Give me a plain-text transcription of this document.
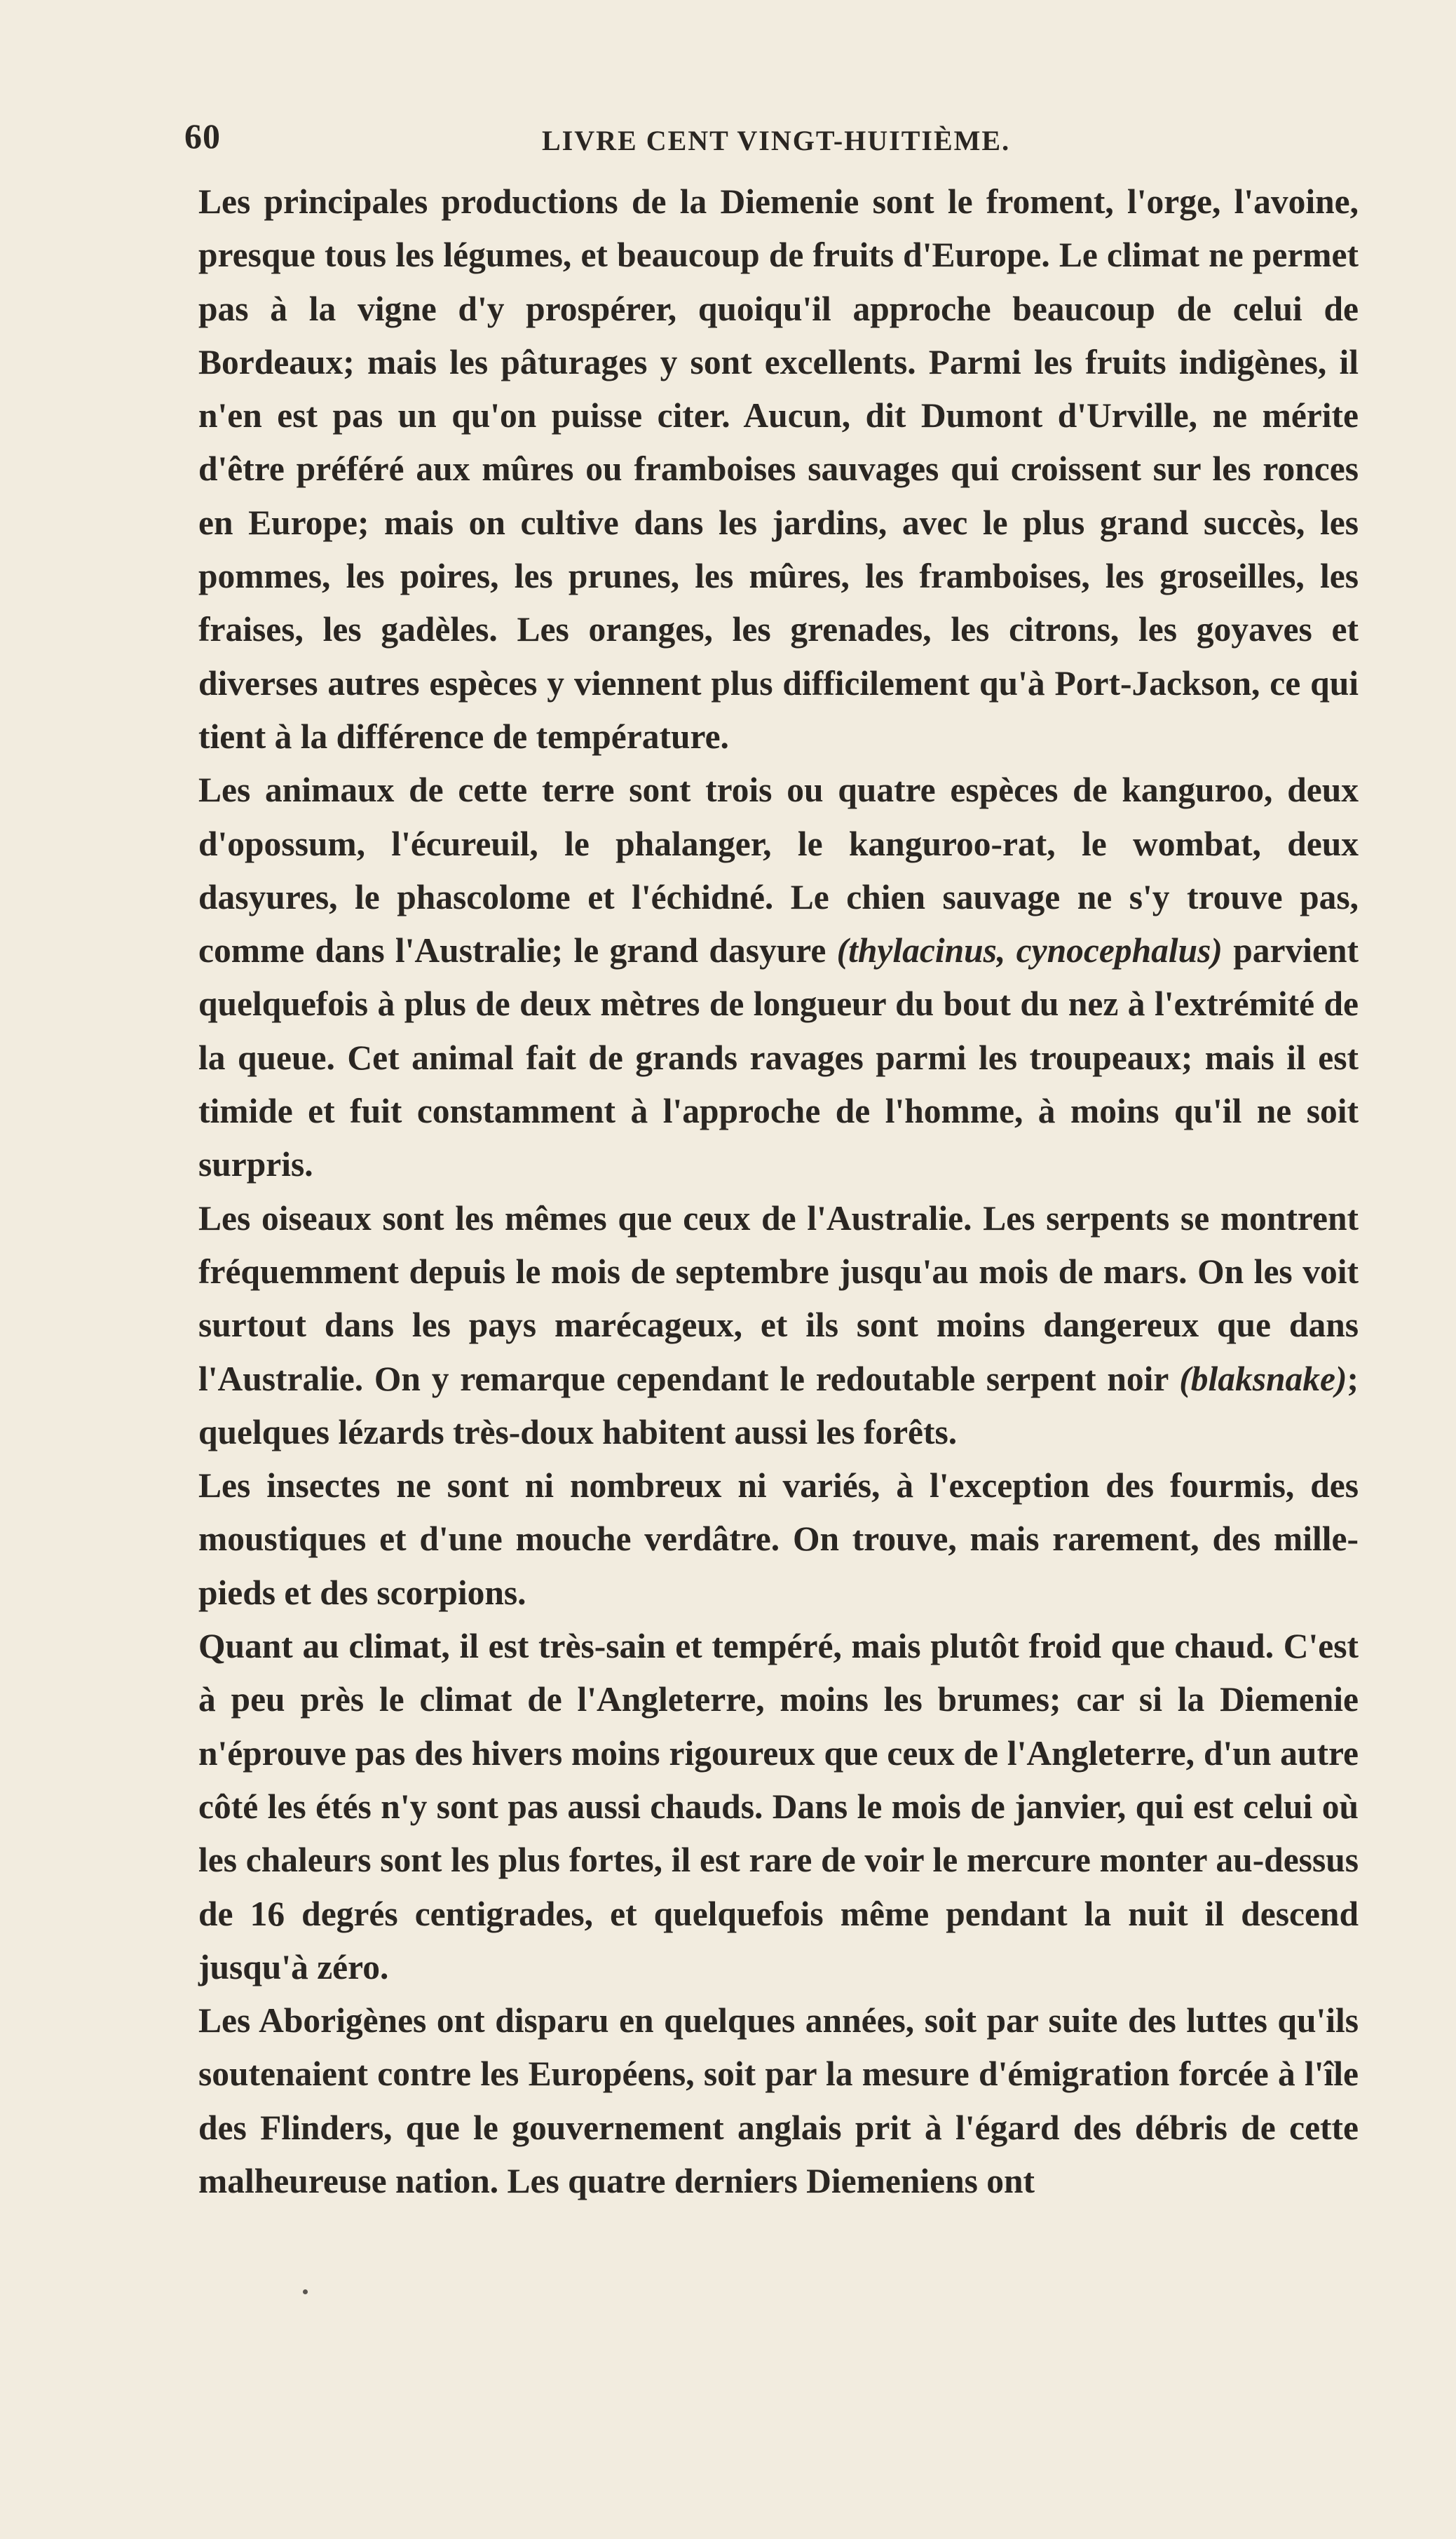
60	LIVRE CENT VINGT-HUITIÈME.

Les principales productions de la Diemenie sont le froment, l'orge, l'avoine, presque tous les légumes, et beaucoup de fruits d'Europe. Le climat ne permet pas à la vigne d'y prospérer, quoiqu'il approche beaucoup de celui de Bordeaux; mais les pâturages y sont excellents. Parmi les fruits indigènes, il n'en est pas un qu'on puisse citer. Aucun, dit Dumont d'Urville, ne mérite d'être préféré aux mûres ou framboises sauvages qui croissent sur les ronces en Europe; mais on cultive dans les jardins, avec le plus grand succès, les pommes, les poires, les prunes, les mûres, les framboises, les groseilles, les fraises, les gadèles. Les oranges, les grenades, les citrons, les goyaves et diverses autres espèces y viennent plus difficilement qu'à Port-Jackson, ce qui tient à la différence de température.

Les animaux de cette terre sont trois ou quatre espèces de kanguroo, deux d'opossum, l'écureuil, le phalanger, le kanguroo-rat, le wombat, deux dasyures, le phascolome et l'échidné. Le chien sauvage ne s'y trouve pas, comme dans l'Australie; le grand dasyure (thylacinus, cynocephalus) parvient quelquefois à plus de deux mètres de longueur du bout du nez à l'extrémité de la queue. Cet animal fait de grands ravages parmi les troupeaux; mais il est timide et fuit constamment à l'approche de l'homme, à moins qu'il ne soit surpris.

Les oiseaux sont les mêmes que ceux de l'Australie. Les serpents se montrent fréquemment depuis le mois de septembre jusqu'au mois de mars. On les voit surtout dans les pays marécageux, et ils sont moins dangereux que dans l'Australie. On y remarque cependant le redoutable serpent noir (blaksnake); quelques lézards très-doux habitent aussi les forêts.

Les insectes ne sont ni nombreux ni variés, à l'exception des fourmis, des moustiques et d'une mouche verdâtre. On trouve, mais rarement, des mille-pieds et des scorpions.

Quant au climat, il est très-sain et tempéré, mais plutôt froid que chaud. C'est à peu près le climat de l'Angleterre, moins les brumes; car si la Diemenie n'éprouve pas des hivers moins rigoureux que ceux de l'Angleterre, d'un autre côté les étés n'y sont pas aussi chauds. Dans le mois de janvier, qui est celui où les chaleurs sont les plus fortes, il est rare de voir le mercure monter au-dessus de 16 degrés centigrades, et quelquefois même pendant la nuit il descend jusqu'à zéro.

Les Aborigènes ont disparu en quelques années, soit par suite des luttes qu'ils soutenaient contre les Européens, soit par la mesure d'émigration forcée à l'île des Flinders, que le gouvernement anglais prit à l'égard des débris de cette malheureuse nation. Les quatre derniers Diemeniens ont
